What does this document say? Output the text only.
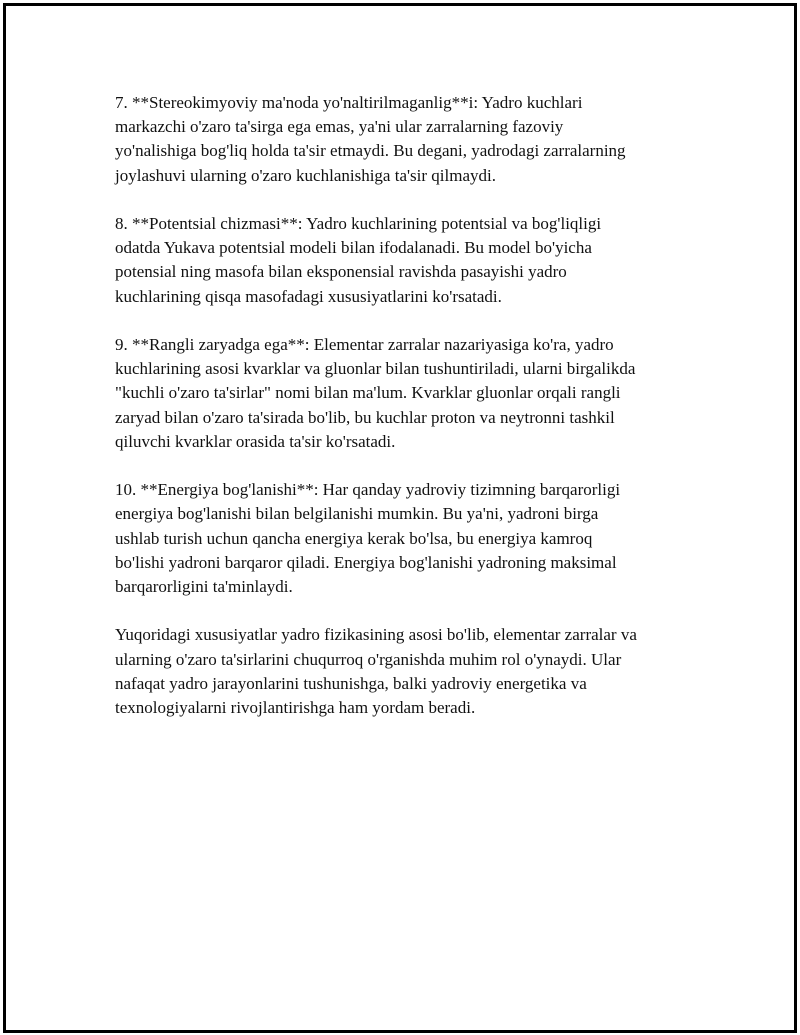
7. **Stereokimyoviy ma'noda yo'naltirilmaganlig**i: Yadro kuchlari
markazchi o'zaro ta'sirga ega emas, ya'ni ular zarralarning fazoviy
yo'nalishiga bog'liq holda ta'sir etmaydi. Bu degani, yadrodagi zarralarning
joylashuvi ularning o'zaro kuchlanishiga ta'sir qilmaydi.

8. **Potentsial chizmasi**: Yadro kuchlarining potentsial va bog'liqligi
odatda Yukava potentsial modeli bilan ifodalanadi. Bu model bo'yicha
potensial ning masofa bilan eksponensial ravishda pasayishi yadro
kuchlarining qisqa masofadagi xususiyatlarini ko'rsatadi.

9. **Rangli zaryadga ega**: Elementar zarralar nazariyasiga ko'ra, yadro
kuchlarining asosi kvarklar va gluonlar bilan tushuntiriladi, ularni birgalikda
"kuchli o'zaro ta'sirlar" nomi bilan ma'lum. Kvarklar gluonlar orqali rangli
zaryad bilan o'zaro ta'sirada bo'lib, bu kuchlar proton va neytronni tashkil
qiluvchi kvarklar orasida ta'sir ko'rsatadi.

10. **Energiya bog'lanishi**: Har qanday yadroviy tizimning barqarorligi
energiya bog'lanishi bilan belgilanishi mumkin. Bu ya'ni, yadroni birga
ushlab turish uchun qancha energiya kerak bo'lsa, bu energiya kamroq
bo'lishi yadroni barqaror qiladi. Energiya bog'lanishi yadroning maksimal
barqarorligini ta'minlaydi.

Yuqoridagi xususiyatlar yadro fizikasining asosi bo'lib, elementar zarralar va
ularning o'zaro ta'sirlarini chuqurroq o'rganishda muhim rol o'ynaydi. Ular
nafaqat yadro jarayonlarini tushunishga, balki yadroviy energetika va
texnologiyalarni rivojlantirishga ham yordam beradi.
